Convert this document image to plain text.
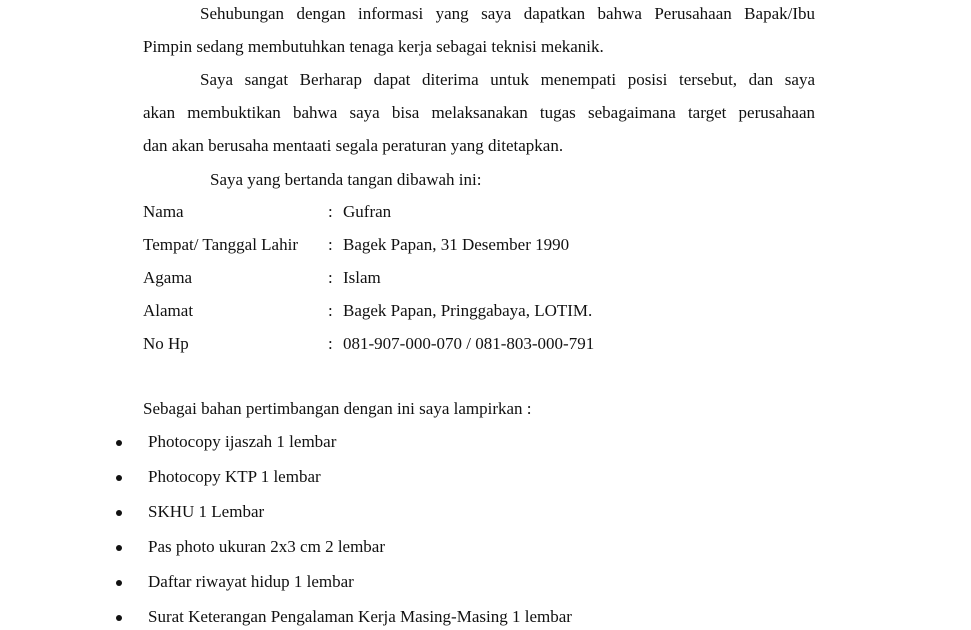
Sehubungan dengan informasi yang saya dapatkan bahwa Perusahaan Bapak/Ibu
Pimpin sedang membutuhkan tenaga kerja sebagai teknisi mekanik.
Saya sangat Berharap dapat diterima untuk menempati posisi tersebut, dan saya
akan membuktikan bahwa saya bisa melaksanakan tugas sebagaimana target perusahaan
dan akan berusaha mentaati segala peraturan yang ditetapkan.
Saya yang bertanda tangan dibawah ini:
Nama	: Gufran
Tempat/ Tanggal Lahir : Bagek Papan, 31 Desember 1990
Agama	: Islam
Alamat	: Bagek Papan, Pringgabaya, LOTIM.
No Hp	: 081-907-000-070 / 081-803-000-791
Sebagai bahan pertimbangan dengan ini saya lampirkan :
Photocopy ijaszah 1 lembar
Photocopy KTP 1 lembar
SKHU 1 Lembar
Pas photo ukuran 2x3 cm 2 lembar
Daftar riwayat hidup 1 lembar
Surat Keterangan Pengalaman Kerja Masing-Masing 1 lembar
